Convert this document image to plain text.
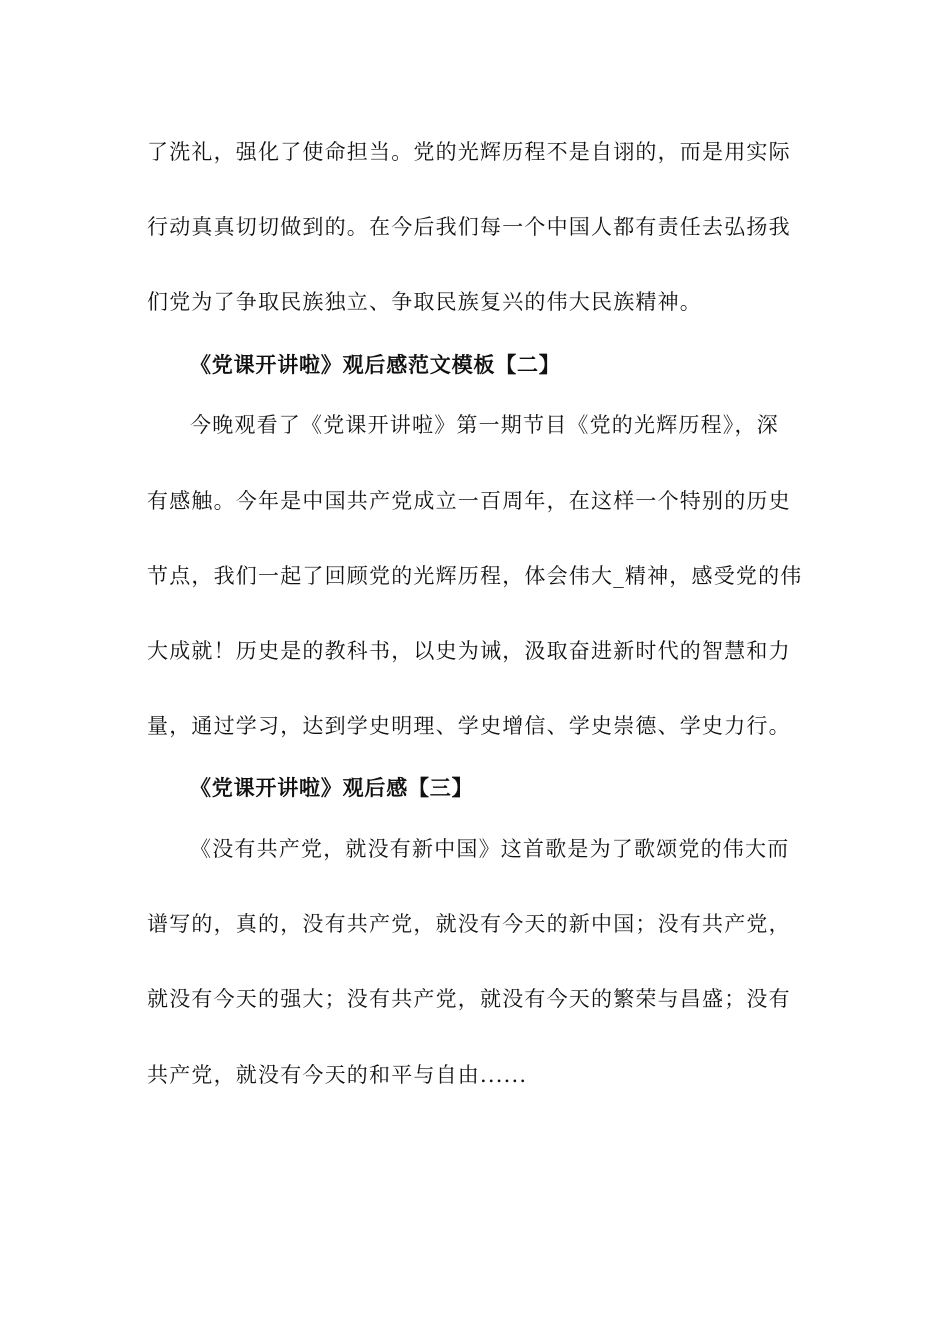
了洗礼，强化了使命担当。党的光辉历程不是自诩的，而是用实际
行动真真切切做到的。在今后我们每一个中国人都有责任去弘扬我
们党为了争取民族独立、争取民族复兴的伟大民族精神。
《党课开讲啦》观后感范文模板【二】
今晚观看了《党课开讲啦》第一期节目《党的光辉历程》，深
有感触。今年是中国共产党成立一百周年，在这样一个特别的历史
节点，我们一起了回顾党的光辉历程，体会伟大_精神，感受党的伟
大成就！历史是的教科书，以史为诫，汲取奋进新时代的智慧和力
量，通过学习，达到学史明理、学史增信、学史崇德、学史力行。
《党课开讲啦》观后感【三】
《没有共产党，就没有新中国》这首歌是为了歌颂党的伟大而
谱写的，真的，没有共产党，就没有今天的新中国；没有共产党，
就没有今天的强大；没有共产党，就没有今天的繁荣与昌盛；没有
共产党，就没有今天的和平与自由......
